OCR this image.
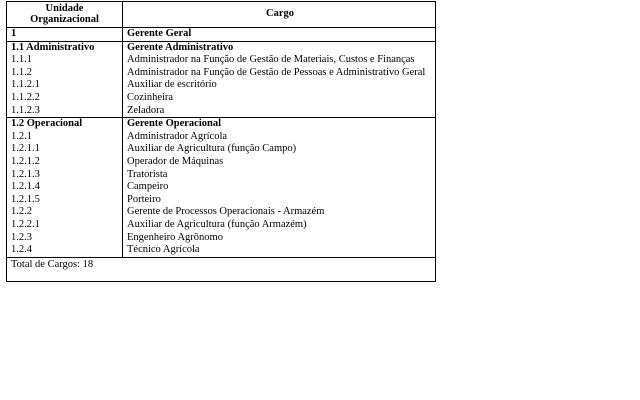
Unidade
Organizacional
Cargo
1	Gerente Geral
1.1 Administrativo
1.1.1
1.1.2
1.1.2.1
1.1.2.2
1.1.2.3
Gerente Administrativo
Administrador na Função de Gestão de Materiais, Custos e Finanças
Administrador na Função de Gestão de Pessoas e Administrativo Geral
Auxiliar de escritório
Cozinheira
Zeladora
1.2 Operacional
1.2.1
1.2.1.1
1.2.1.2
1.2.1.3
1.2.1.4
1.2.1.5
1.2.2
1.2.2.1
1.2.3
1.2.4
Gerente Operacional
Administrador Agrícola
Auxiliar de Agricultura (função Campo)
Operador de Máquinas
Tratorista
Campeiro
Porteiro
Gerente de Processos Operacionais - Armazém
Auxiliar de Agricultura (função Armazém)
Engenheiro Agrônomo
Técnico Agrícola
Total de Cargos: 18
